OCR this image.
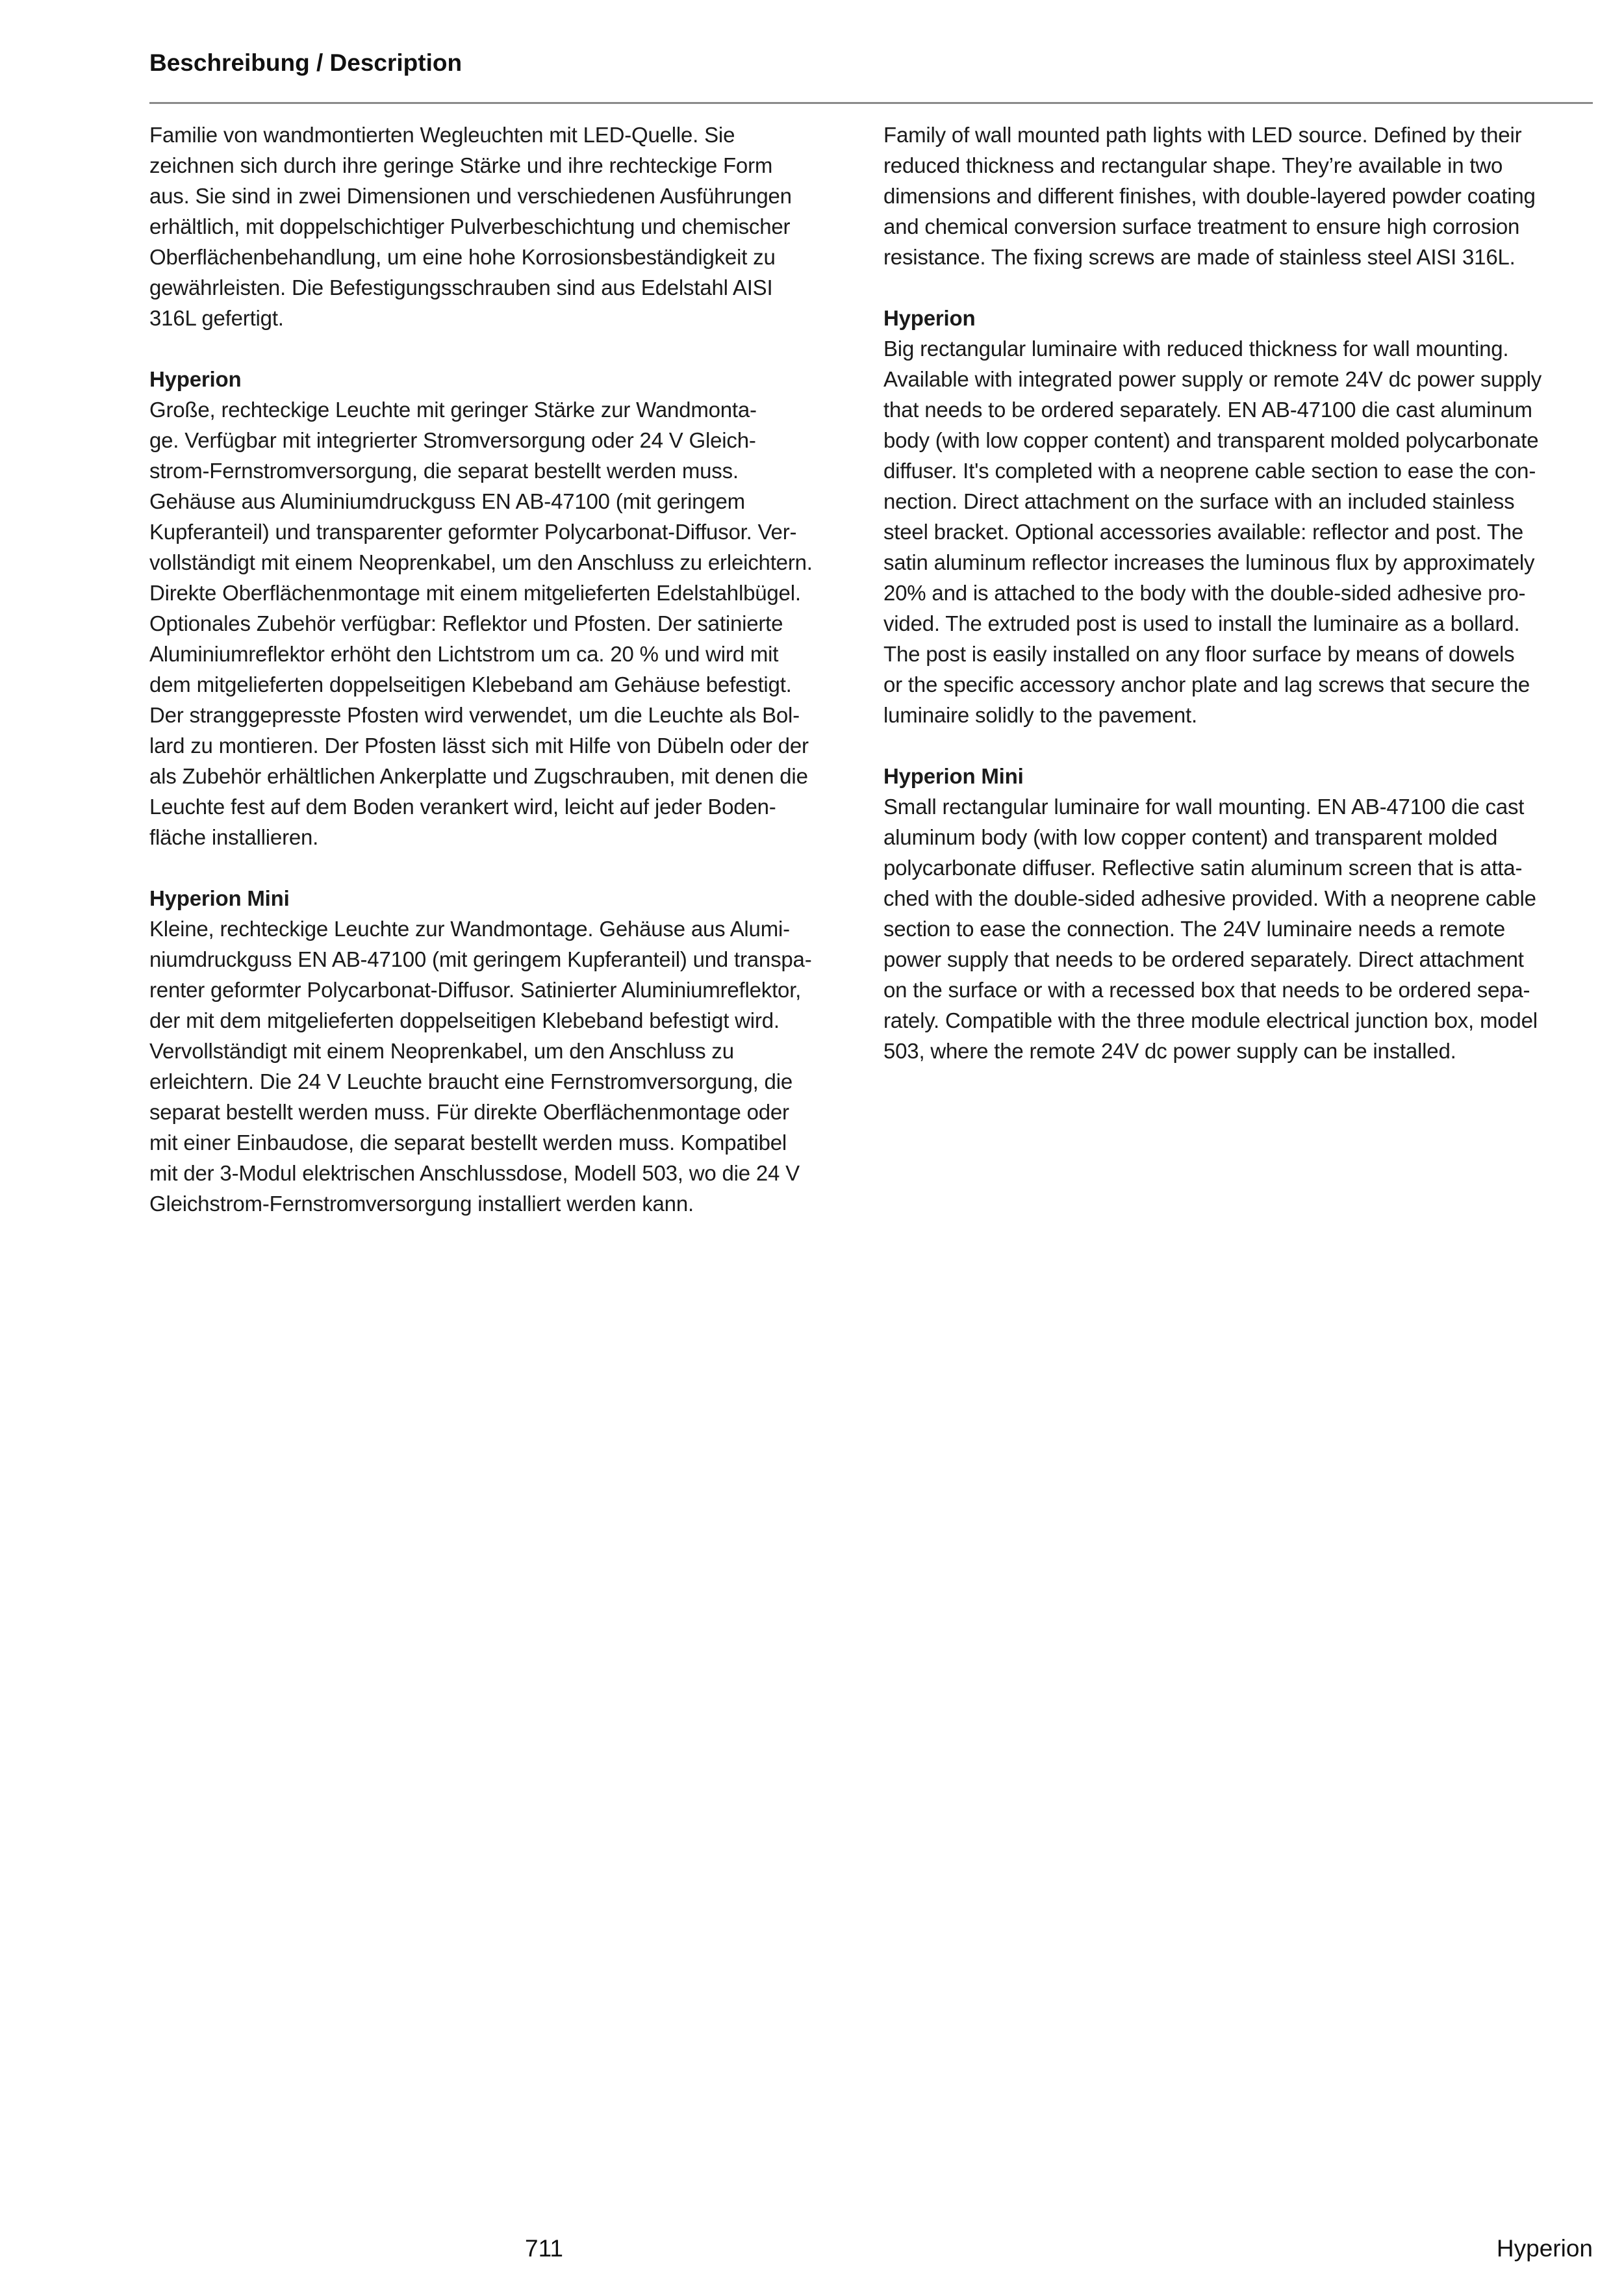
Beschreibung / Description
Familie von wandmontierten Wegleuchten mit LED-Quelle. Sie
zeichnen sich durch ihre geringe Stärke und ihre rechteckige Form
aus. Sie sind in zwei Dimensionen und verschiedenen Ausführungen
erhältlich, mit doppelschichtiger Pulverbeschichtung und chemischer
Oberflächenbehandlung, um eine hohe Korrosionsbeständigkeit zu
gewährleisten. Die Befestigungsschrauben sind aus Edelstahl AISI
316L gefertigt.
Hyperion
Große, rechteckige Leuchte mit geringer Stärke zur Wandmonta-
ge. Verfügbar mit integrierter Stromversorgung oder 24 V Gleich-
strom-Fernstromversorgung, die separat bestellt werden muss.
Gehäuse aus Aluminiumdruckguss EN AB-47100 (mit geringem
Kupferanteil) und transparenter geformter Polycarbonat-Diffusor. Ver-
vollständigt mit einem Neoprenkabel, um den Anschluss zu erleichtern.
Direkte Oberflächenmontage mit einem mitgelieferten Edelstahlbügel.
Optionales Zubehör verfügbar: Reflektor und Pfosten. Der satinierte
Aluminiumreflektor erhöht den Lichtstrom um ca. 20 % und wird mit
dem mitgelieferten doppelseitigen Klebeband am Gehäuse befestigt.
Der stranggepresste Pfosten wird verwendet, um die Leuchte als Bol-
lard zu montieren. Der Pfosten lässt sich mit Hilfe von Dübeln oder der
als Zubehör erhältlichen Ankerplatte und Zugschrauben, mit denen die
Leuchte fest auf dem Boden verankert wird, leicht auf jeder Boden-
fläche installieren.
Hyperion Mini
Kleine, rechteckige Leuchte zur Wandmontage. Gehäuse aus Alumi-
niumdruckguss EN AB-47100 (mit geringem Kupferanteil) und transpa-
renter geformter Polycarbonat-Diffusor. Satinierter Aluminiumreflektor,
der mit dem mitgelieferten doppelseitigen Klebeband befestigt wird.
Vervollständigt mit einem Neoprenkabel, um den Anschluss zu
erleichtern. Die 24 V Leuchte braucht eine Fernstromversorgung, die
separat bestellt werden muss. Für direkte Oberflächenmontage oder
mit einer Einbaudose, die separat bestellt werden muss. Kompatibel
mit der 3-Modul elektrischen Anschlussdose, Modell 503, wo die 24 V
Gleichstrom-Fernstromversorgung installiert werden kann.
Family of wall mounted path lights with LED source. Defined by their
reduced thickness and rectangular shape. They’re available in two
dimensions and different finishes, with double-layered powder coating
and chemical conversion surface treatment to ensure high corrosion
resistance. The fixing screws are made of stainless steel AISI 316L.
Hyperion
Big rectangular luminaire with reduced thickness for wall mounting.
Available with integrated power supply or remote 24V dc power supply
that needs to be ordered separately. EN AB-47100 die cast aluminum
body (with low copper content) and transparent molded polycarbonate
diffuser. It's completed with a neoprene cable section to ease the con-
nection. Direct attachment on the surface with an included stainless
steel bracket. Optional accessories available: reflector and post. The
satin aluminum reflector increases the luminous flux by approximately
20% and is attached to the body with the double-sided adhesive pro-
vided. The extruded post is used to install the luminaire as a bollard.
The post is easily installed on any floor surface by means of dowels
or the specific accessory anchor plate and lag screws that secure the
luminaire solidly to the pavement.
Hyperion Mini
Small rectangular luminaire for wall mounting. EN AB-47100 die cast
aluminum body (with low copper content) and transparent molded
polycarbonate diffuser. Reflective satin aluminum screen that is atta-
ched with the double-sided adhesive provided. With a neoprene cable
section to ease the connection. The 24V luminaire needs a remote
power supply that needs to be ordered separately. Direct attachment
on the surface or with a recessed box that needs to be ordered sepa-
rately. Compatible with the three module electrical junction box, model
503, where the remote 24V dc power supply can be installed.
711	Hyperion
